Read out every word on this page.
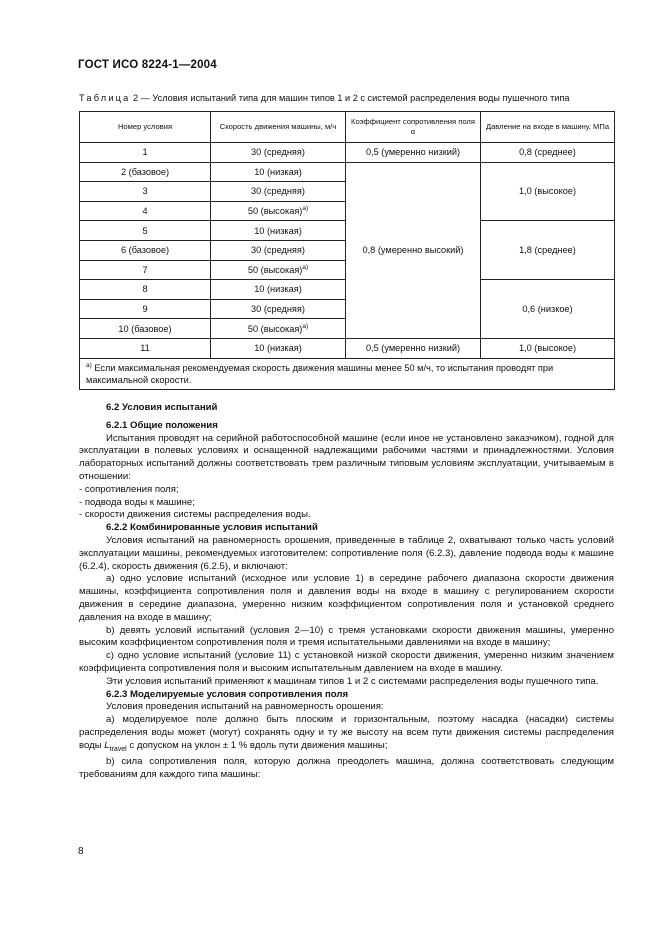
ГОСТ ИСО 8224-1—2004
Таблица 2 — Условия испытаний типа для машин типов 1 и 2 с системой распределения воды пушечного типа
Номер условия	Скорость движения машины, м/ч	Коэффициент сопротивления поля α	Давление на входе в машину, МПа
1	30 (средняя)	0,5 (умеренно низкий)	0,8 (среднее)
2 (базовое)	10 (низкая)	0,8 (умеренно высокий)	1,0 (высокое)
3	30 (средняя)		
4	50 (высокая)$^{а)}$
5	10 (низкая)		1,8 (среднее)
6 (базовое)	30 (средняя)		
7	50 (высокая)$^{а)}$
8	10 (низкая)		0,6 (низкое)
9	30 (средняя)		
10 (базовое)	50 (высокая)$^{а)}$
11	10 (низкая)	0,5 (умеренно низкий)	1,0 (высокое)
$^{а)}$ Если максимальная рекомендуемая скорость движения машины менее 50 м/ч, то испытания проводят при максимальной скорости.			

6.2 Условия испытаний

6.2.1 Общие положения

Испытания проводят на серийной работоспособной машине (если иное не установлено заказчиком), годной для эксплуатации в полевых условиях и оснащенной надлежащими рабочими частями и принадлежностями. Условия лабораторных испытаний должны соответствовать трем различным типовым условиям эксплуатации, учитываемым в отношении:

- сопротивления поля;

- подвода воды к машине;

- скорости движения системы распределения воды.

6.2.2 Комбинированные условия испытаний

Условия испытаний на равномерность орошения, приведенные в таблице 2, охватывают только часть условий эксплуатации машины, рекомендуемых изготовителем: сопротивление поля (6.2.3), давление подвода воды к машине (6.2.4), скорость движения (6.2.5), и включают:

a) одно условие испытаний (исходное или условие 1) в середине рабочего диапазона скорости движения машины, коэффициента сопротивления поля и давления воды на входе в машину с регулированием скорости движения в середине диапазона, умеренно низким коэффициентом сопротивления поля и установкой среднего давления на входе в машину;

b) девять условий испытаний (условия 2—10) с тремя установками скорости движения машины, умеренно высоким коэффициентом сопротивления поля и тремя испытательными давлениями на входе в машину;

c) одно условие испытаний (условие 11) с установкой низкой скорости движения, умеренно низким значением коэффициента сопротивления поля и высоким испытательным давлением на входе в машину.

Эти условия испытаний применяют к машинам типов 1 и 2 с системами распределения воды пушечного типа.

6.2.3 Моделируемые условия сопротивления поля

Условия проведения испытаний на равномерность орошения:

a) моделируемое поле должно быть плоским и горизонтальным, поэтому насадка (насадки) системы распределения воды может (могут) сохранять одну и ту же высоту на всем пути движения системы распределения воды $L_{travel}$ с допуском на уклон ± 1 % вдоль пути движения машины;

b) сила сопротивления поля, которую должна преодолеть машина, должна соответствовать следующим требованиям для каждого типа машины:

8
